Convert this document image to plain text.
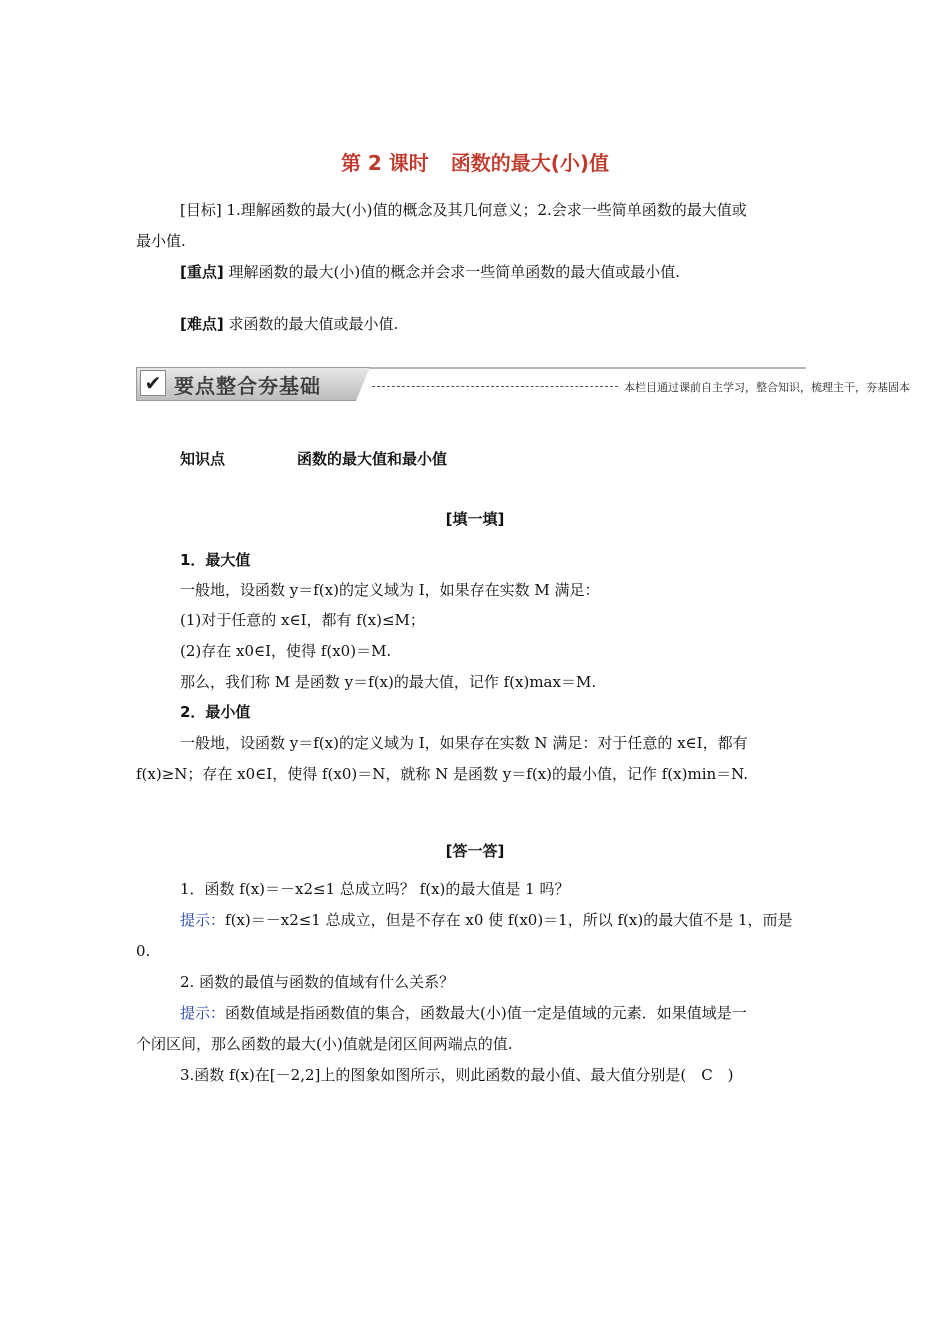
第 2 课时 函数的最大(小)值
[目标] 1.理解函数的最大(小)值的概念及其几何意义；2.会求一些简单函数的最大值或
最小值.
[重点] 理解函数的最大(小)值的概念并会求一些简单函数的最大值或最小值.
[难点] 求函数的最大值或最小值.
✔ 要点整合夯基础	本栏目通过课前自主学习，整合知识，梳理主干，夯基固本
知识点	函数的最大值和最小值
[填一填]
1．最大值
一般地，设函数 y＝f(x)的定义域为 I，如果存在实数 M 满足：
(1)对于任意的 x∈I，都有 f(x)≤M；
(2)存在 x0∈I，使得 f(x0)＝M.
那么，我们称 M 是函数 y＝f(x)的最大值，记作 f(x)max＝M.
2．最小值
一般地，设函数 y＝f(x)的定义域为 I，如果存在实数 N 满足：对于任意的 x∈I，都有
f(x)≥N；存在 x0∈I，使得 f(x0)＝N，就称 N 是函数 y＝f(x)的最小值，记作 f(x)min＝N.
[答一答]
1．函数 f(x)＝－x2≤1 总成立吗？ f(x)的最大值是 1 吗？
提示：f(x)＝－x2≤1 总成立，但是不存在 x0 使 f(x0)＝1，所以 f(x)的最大值不是 1，而是
0.
2. 函数的最值与函数的值域有什么关系？
提示：函数值域是指函数值的集合，函数最大(小)值一定是值域的元素．如果值域是一
个闭区间，那么函数的最大(小)值就是闭区间两端点的值.
3.函数 f(x)在[－2,2]上的图象如图所示，则此函数的最小值、最大值分别是(　C　)
